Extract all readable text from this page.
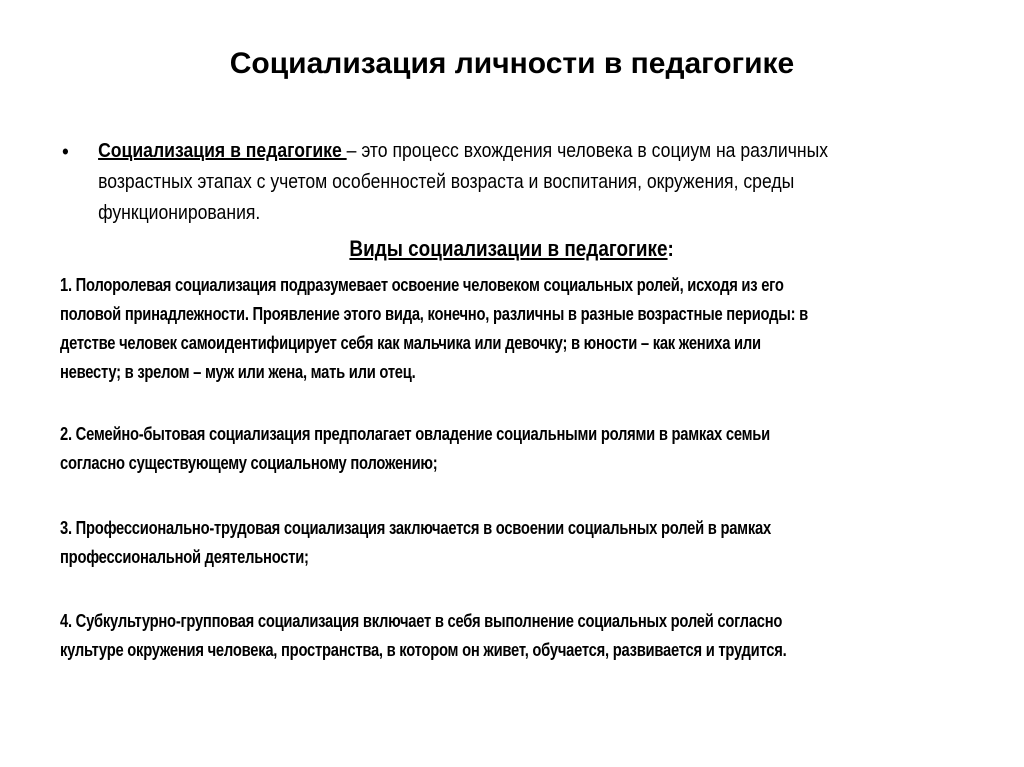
Социализация личности в педагогике
• Социализация в педагогике – это процесс вхождения человека в социум на различных
возрастных этапах с учетом особенностей возраста и воспитания, окружения, среды
функционирования.
Виды социализации в педагогике:
1. Полоролевая социализация подразумевает освоение человеком социальных ролей, исходя из его
половой принадлежности. Проявление этого вида, конечно, различны в разные возрастные периоды: в
детстве человек самоидентифицирует себя как мальчика или девочку; в юности – как жениха или
невесту; в зрелом – муж или жена, мать или отец.
2. Семейно-бытовая социализация предполагает овладение социальными ролями в рамках семьи
согласно существующему социальному положению;
3. Профессионально-трудовая социализация заключается в освоении социальных ролей в рамках
профессиональной деятельности;
4. Субкультурно-групповая социализация включает в себя выполнение социальных ролей согласно
культуре окружения человека, пространства, в котором он живет, обучается, развивается и трудится.
